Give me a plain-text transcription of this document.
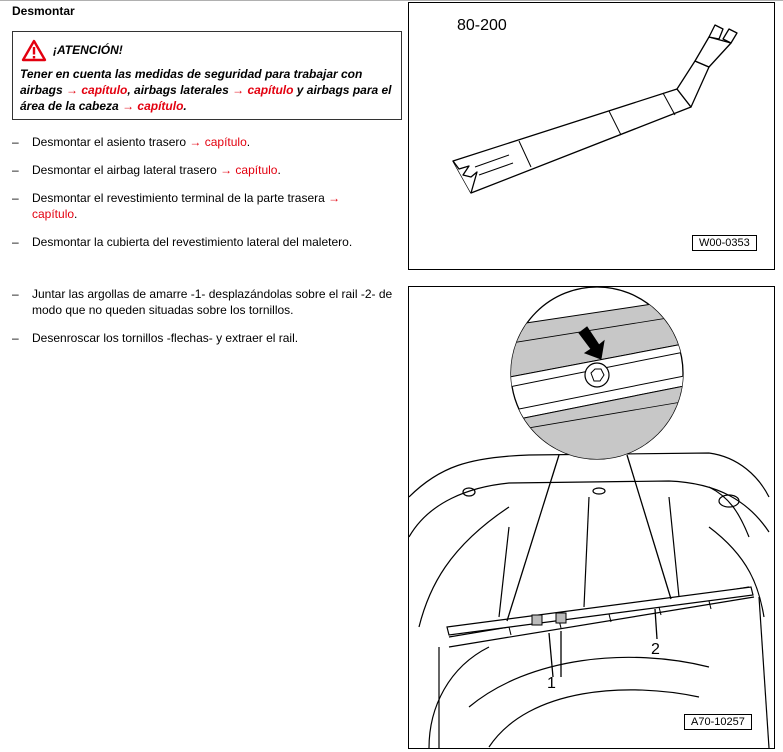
Desmontar
¡ATENCIÓN!
Tener en cuenta las medidas de seguridad para trabajar con airbags → capítulo, airbags laterales → capítulo y airbags para el área de la cabeza → capítulo.
– Desmontar el asiento trasero → capítulo.
– Desmontar el airbag lateral trasero → capítulo.
– Desmontar el revestimiento terminal de la parte trasera → capítulo.
– Desmontar la cubierta del revestimiento lateral del maletero.
– Juntar las argollas de amarre -1- desplazándolas sobre el rail -2- de modo que no queden situadas sobre los tornillos.
– Desenroscar los tornillos -flechas- y extraer el rail.
80-200
W00-0353
1
2
A70-10257
